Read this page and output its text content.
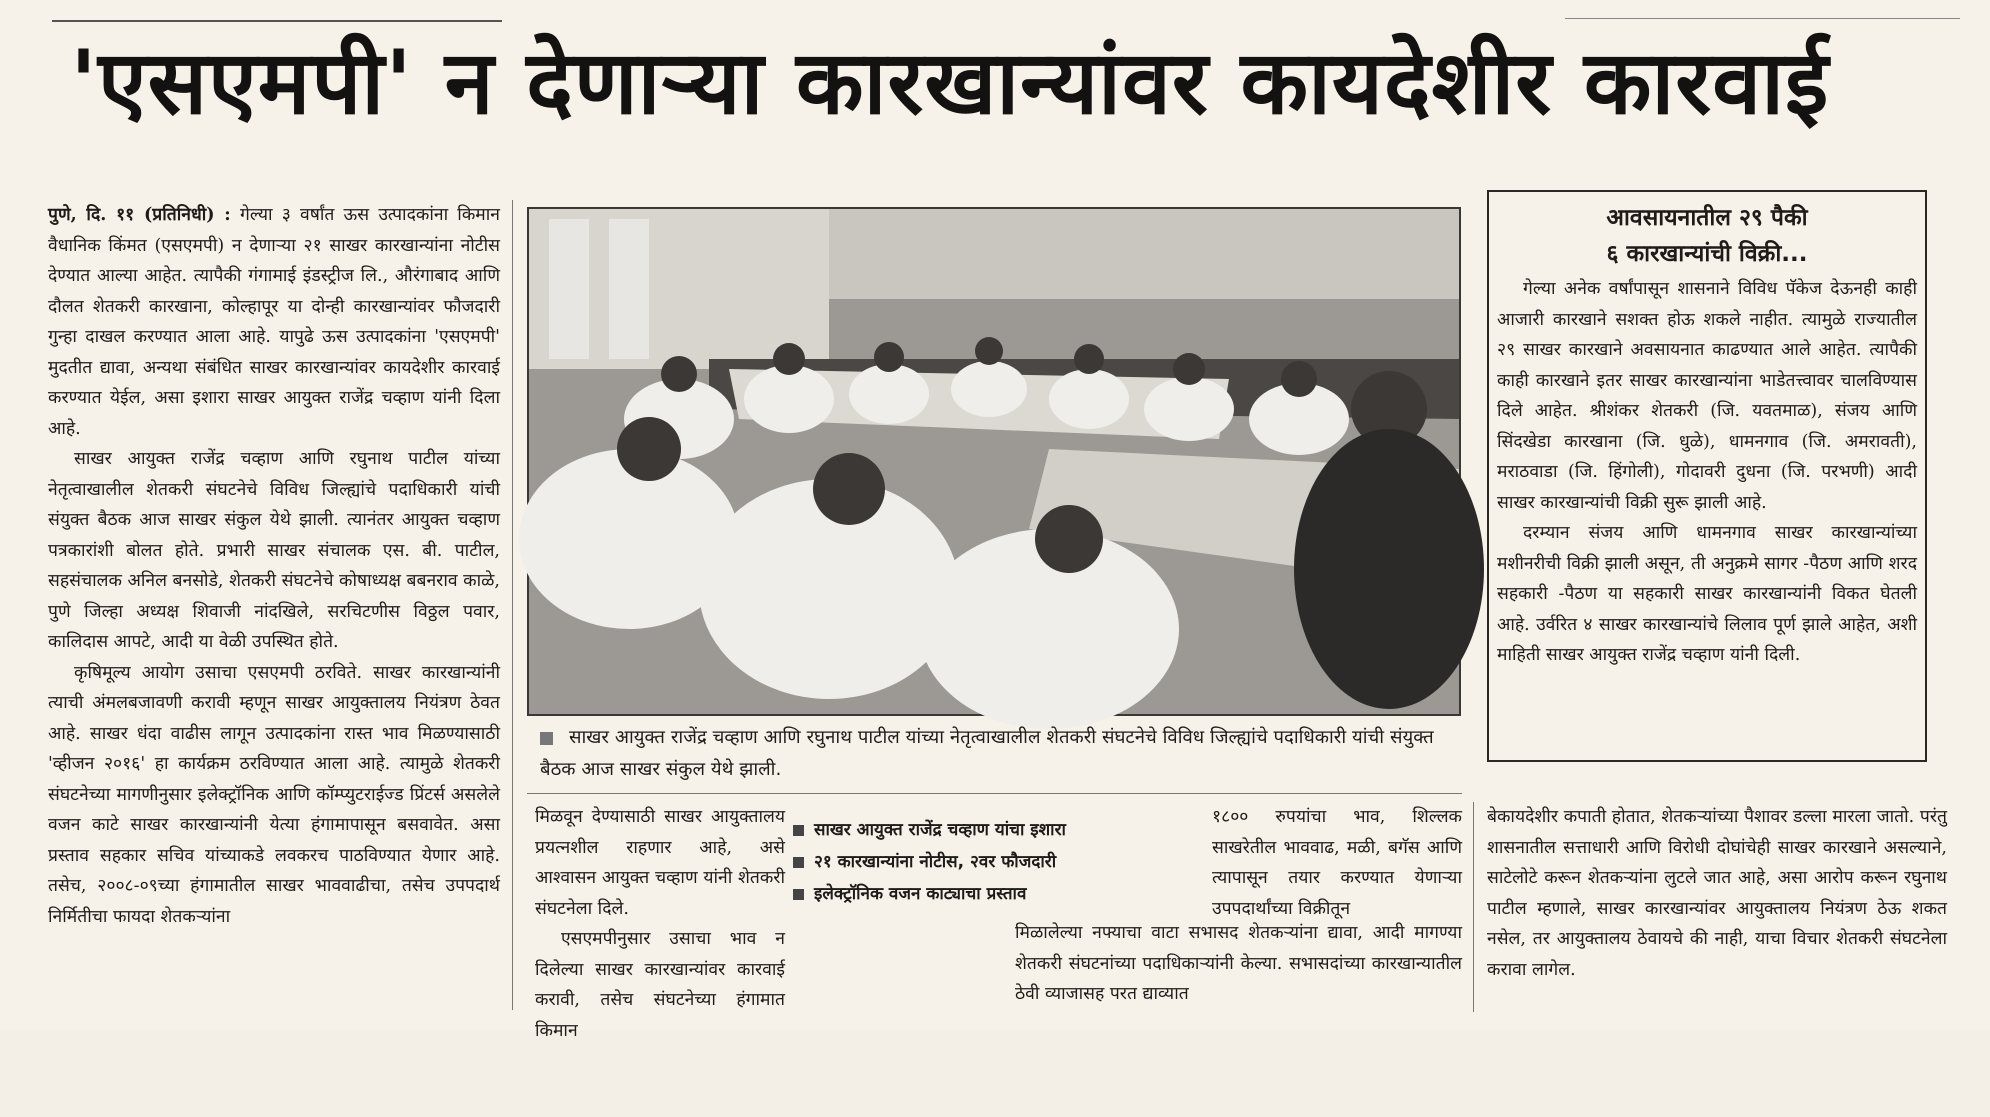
'एसएमपी' न देणाऱ्या कारखान्यांवर कायदेशीर कारवाई

पुणे, दि. ११ (प्रतिनिधी) : गेल्या ३ वर्षांत ऊस उत्पादकांना किमान वैधानिक किंमत (एसएमपी) न देणाऱ्या २१ साखर कारखान्यांना नोटीस देण्यात आल्या आहेत. त्यापैकी गंगामाई इंडस्ट्रीज लि., औरंगाबाद आणि दौलत शेतकरी कारखाना, कोल्हापूर या दोन्ही कारखान्यांवर फौजदारी गुन्हा दाखल करण्यात आला आहे. यापुढे ऊस उत्पादकांना 'एसएमपी' मुदतीत द्यावा, अन्यथा संबंधित साखर कारखान्यांवर कायदेशीर कारवाई करण्यात येईल, असा इशारा साखर आयुक्त राजेंद्र चव्हाण यांनी दिला आहे.

साखर आयुक्त राजेंद्र चव्हाण आणि रघुनाथ पाटील यांच्या नेतृत्वाखालील शेतकरी संघटनेचे विविध जिल्ह्यांचे पदाधिकारी यांची संयुक्त बैठक आज साखर संकुल येथे झाली. त्यानंतर आयुक्त चव्हाण पत्रकारांशी बोलत होते. प्रभारी साखर संचालक एस. बी. पाटील, सहसंचालक अनिल बनसोडे, शेतकरी संघटनेचे कोषाध्यक्ष बबनराव काळे, पुणे जिल्हा अध्यक्ष शिवाजी नांदखिले, सरचिटणीस विठ्ठल पवार, कालिदास आपटे, आदी या वेळी उपस्थित होते.

कृषिमूल्य आयोग उसाचा एसएमपी ठरविते. साखर कारखान्यांनी त्याची अंमलबजावणी करावी म्हणून साखर आयुक्तालय नियंत्रण ठेवत आहे. साखर धंदा वाढीस लागून उत्पादकांना रास्त भाव मिळण्यासाठी 'व्हीजन २०१६' हा कार्यक्रम ठरविण्यात आला आहे. त्यामुळे शेतकरी संघटनेच्या मागणीनुसार इलेक्ट्रॉनिक आणि कॉम्प्युटराईज्ड प्रिंटर्स असलेले वजन काटे साखर कारखान्यांनी येत्या हंगामापासून बसवावेत. असा प्रस्ताव सहकार सचिव यांच्याकडे लवकरच पाठविण्यात येणार आहे. तसेच, २००८-०९च्या हंगामातील साखर भाववाढीचा, तसेच उपपदार्थ निर्मितीचा फायदा शेतकऱ्यांना

साखर आयुक्त राजेंद्र चव्हाण आणि रघुनाथ पाटील यांच्या नेतृत्वाखालील शेतकरी संघटनेचे विविध जिल्ह्यांचे पदाधिकारी यांची संयुक्त बैठक आज साखर संकुल येथे झाली.

मिळवून देण्यासाठी साखर आयुक्तालय प्रयत्नशील राहणार आहे, असे आश्वासन आयुक्त चव्हाण यांनी शेतकरी संघटनेला दिले.

एसएमपीनुसार उसाचा भाव न दिलेल्या साखर कारखान्यांवर कारवाई करावी, तसेच संघटनेच्या हंगामात किमान

साखर आयुक्त राजेंद्र चव्हाण यांचा इशारा
२१ कारखान्यांना नोटीस, २वर फौजदारी
इलेक्ट्रॉनिक वजन काट्याचा प्रस्ताव

१८०० रुपयांचा भाव, शिल्लक साखरेतील भाववाढ, मळी, बगॅस आणि त्यापासून तयार करण्यात येणाऱ्या उपपदार्थांच्या विक्रीतून

मिळालेल्या नफ्याचा वाटा सभासद शेतकऱ्यांना द्यावा, आदी मागण्या शेतकरी संघटनांच्या पदाधिकाऱ्यांनी केल्या. सभासदांच्या कारखान्यातील ठेवी व्याजासह परत द्याव्यात

बेकायदेशीर कपाती होतात, शेतकऱ्यांच्या पैशावर डल्ला मारला जातो. परंतु शासनातील सत्ताधारी आणि विरोधी दोघांचेही साखर कारखाने असल्याने, साटेलोटे करून शेतकऱ्यांना लुटले जात आहे, असा आरोप करून रघुनाथ पाटील म्हणाले, साखर कारखान्यांवर आयुक्तालय नियंत्रण ठेऊ शकत नसेल, तर आयुक्तालय ठेवायचे की नाही, याचा विचार शेतकरी संघटनेला करावा लागेल.

आवसायनातील २९ पैकी
६ कारखान्यांची विक्री...

गेल्या अनेक वर्षांपासून शासनाने विविध पॅकेज देऊनही काही आजारी कारखाने सशक्त होऊ शकले नाहीत. त्यामुळे राज्यातील २९ साखर कारखाने अवसायनात काढण्यात आले आहेत. त्यापैकी काही कारखाने इतर साखर कारखान्यांना भाडेतत्त्वावर चालविण्यास दिले आहेत. श्रीशंकर शेतकरी (जि. यवतमाळ), संजय आणि सिंदखेडा कारखाना (जि. धुळे), धामनगाव (जि. अमरावती), मराठवाडा (जि. हिंगोली), गोदावरी दुधना (जि. परभणी) आदी साखर कारखान्यांची विक्री सुरू झाली आहे.

दरम्यान संजय आणि धामनगाव साखर कारखान्यांच्या मशीनरीची विक्री झाली असून, ती अनुक्रमे सागर -पैठण आणि शरद सहकारी -पैठण या सहकारी साखर कारखान्यांनी विकत घेतली आहे. उर्वरित ४ साखर कारखान्यांचे लिलाव पूर्ण झाले आहेत, अशी माहिती साखर आयुक्त राजेंद्र चव्हाण यांनी दिली.
